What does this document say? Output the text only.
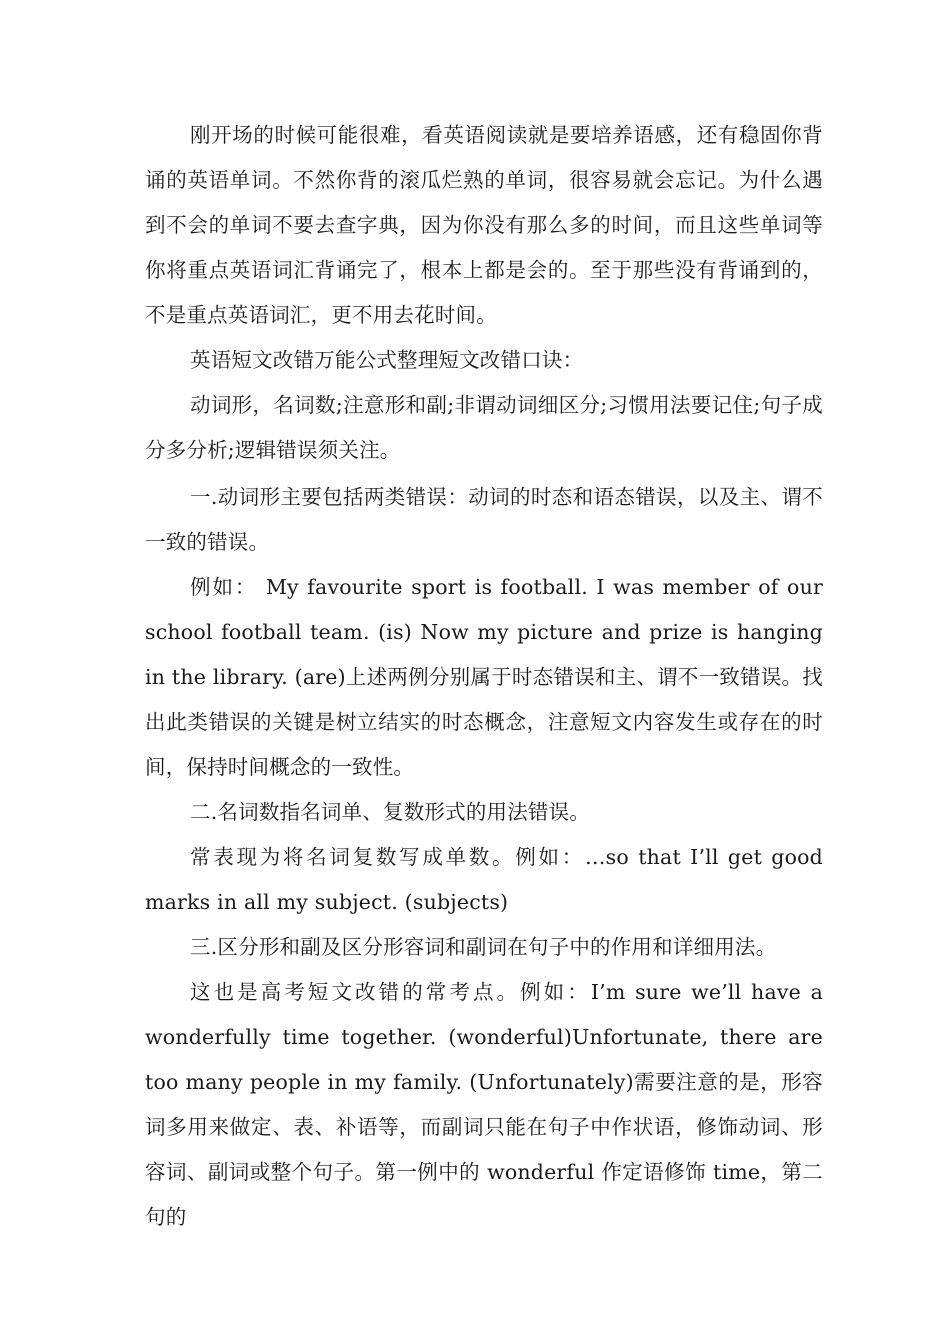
刚开场的时候可能很难，看英语阅读就是要培养语感，还有稳固你背诵的英语单词。不然你背的滚瓜烂熟的单词，很容易就会忘记。为什么遇到不会的单词不要去查字典，因为你没有那么多的时间，而且这些单词等你将重点英语词汇背诵完了，根本上都是会的。至于那些没有背诵到的，不是重点英语词汇，更不用去花时间。

英语短文改错万能公式整理短文改错口诀：

动词形，名词数;注意形和副;非谓动词细区分;习惯用法要记住;句子成分多分析;逻辑错误须关注。

一.动词形主要包括两类错误：动词的时态和语态错误，以及主、谓不一致的错误。

例如： My favourite sport is football. I was member of our school football team. (is) Now my picture and prize is hanging in the library. (are)上述两例分别属于时态错误和主、谓不一致错误。找出此类错误的关键是树立结实的时态概念，注意短文内容发生或存在的时间，保持时间概念的一致性。

二.名词数指名词单、复数形式的用法错误。

常表现为将名词复数写成单数。例如：…so that I’ll get good marks in all my subject. (subjects)

三.区分形和副及区分形容词和副词在句子中的作用和详细用法。

这也是高考短文改错的常考点。例如：I’m sure we’ll have a wonderfully time together. (wonderful)Unfortunate, there are too many people in my family. (Unfortunately)需要注意的是，形容词多用来做定、表、补语等，而副词只能在句子中作状语，修饰动词、形容词、副词或整个句子。第一例中的 wonderful 作定语修饰 time，第二句的
